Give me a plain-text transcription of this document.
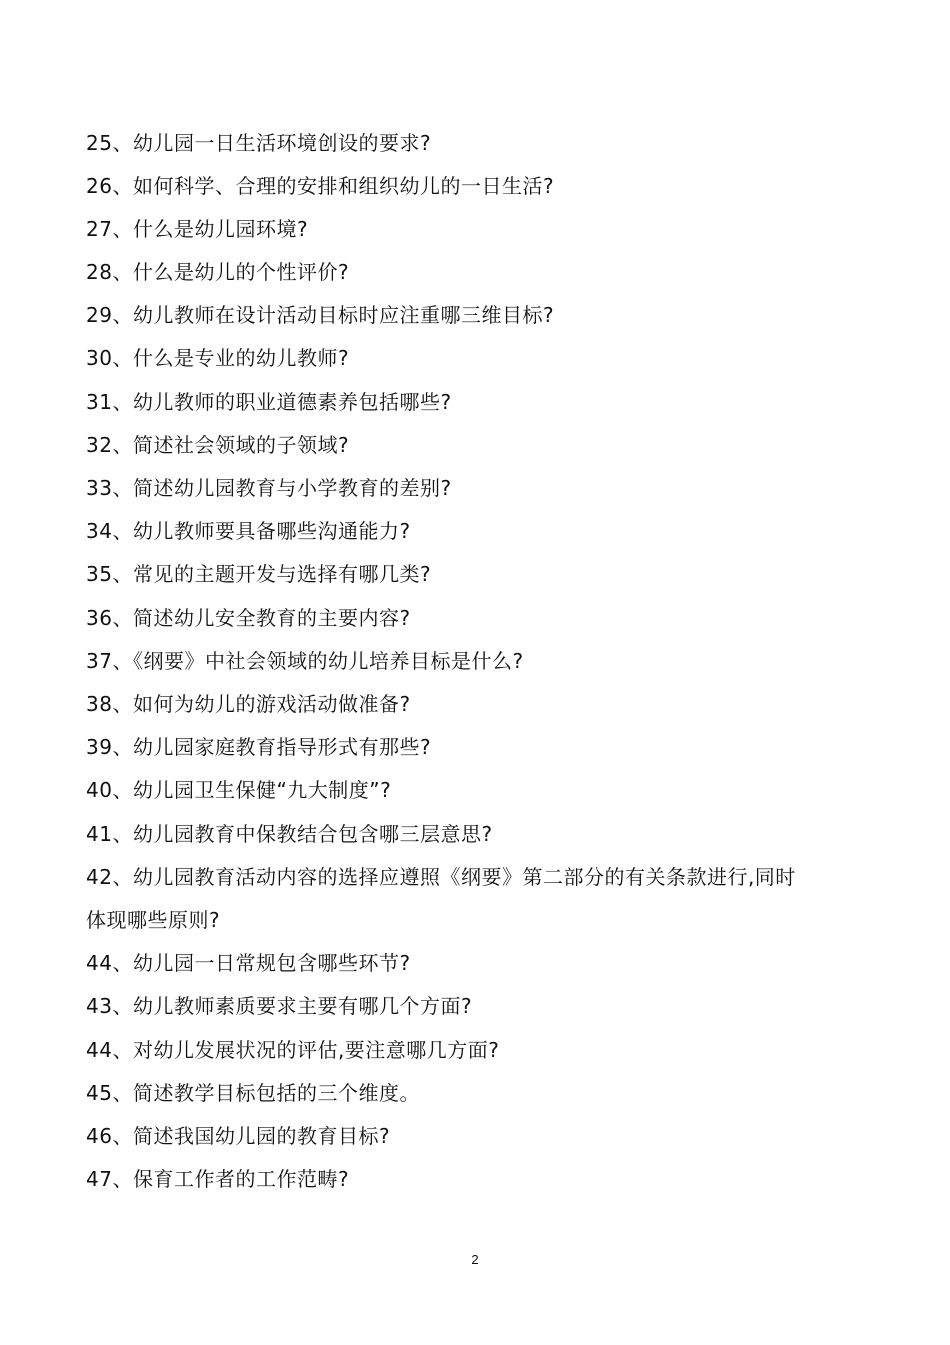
25、幼儿园一日生活环境创设的要求?
26、如何科学、合理的安排和组织幼儿的一日生活?
27、什么是幼儿园环境?
28、什么是幼儿的个性评价?
29、幼儿教师在设计活动目标时应注重哪三维目标?
30、什么是专业的幼儿教师?
31、幼儿教师的职业道德素养包括哪些?
32、简述社会领域的子领域?
33、简述幼儿园教育与小学教育的差别?
34、幼儿教师要具备哪些沟通能力?
35、常见的主题开发与选择有哪几类?
36、简述幼儿安全教育的主要内容?
37、《纲要》中社会领域的幼儿培养目标是什么?
38、如何为幼儿的游戏活动做准备?
39、幼儿园家庭教育指导形式有那些?
40、幼儿园卫生保健“九大制度”?
41、幼儿园教育中保教结合包含哪三层意思?
42、幼儿园教育活动内容的选择应遵照《纲要》第二部分的有关条款进行,同时
体现哪些原则?
44、幼儿园一日常规包含哪些环节?
43、幼儿教师素质要求主要有哪几个方面?
44、对幼儿发展状况的评估,要注意哪几方面?
45、简述教学目标包括的三个维度。
46、简述我国幼儿园的教育目标?
47、保育工作者的工作范畴?
2
